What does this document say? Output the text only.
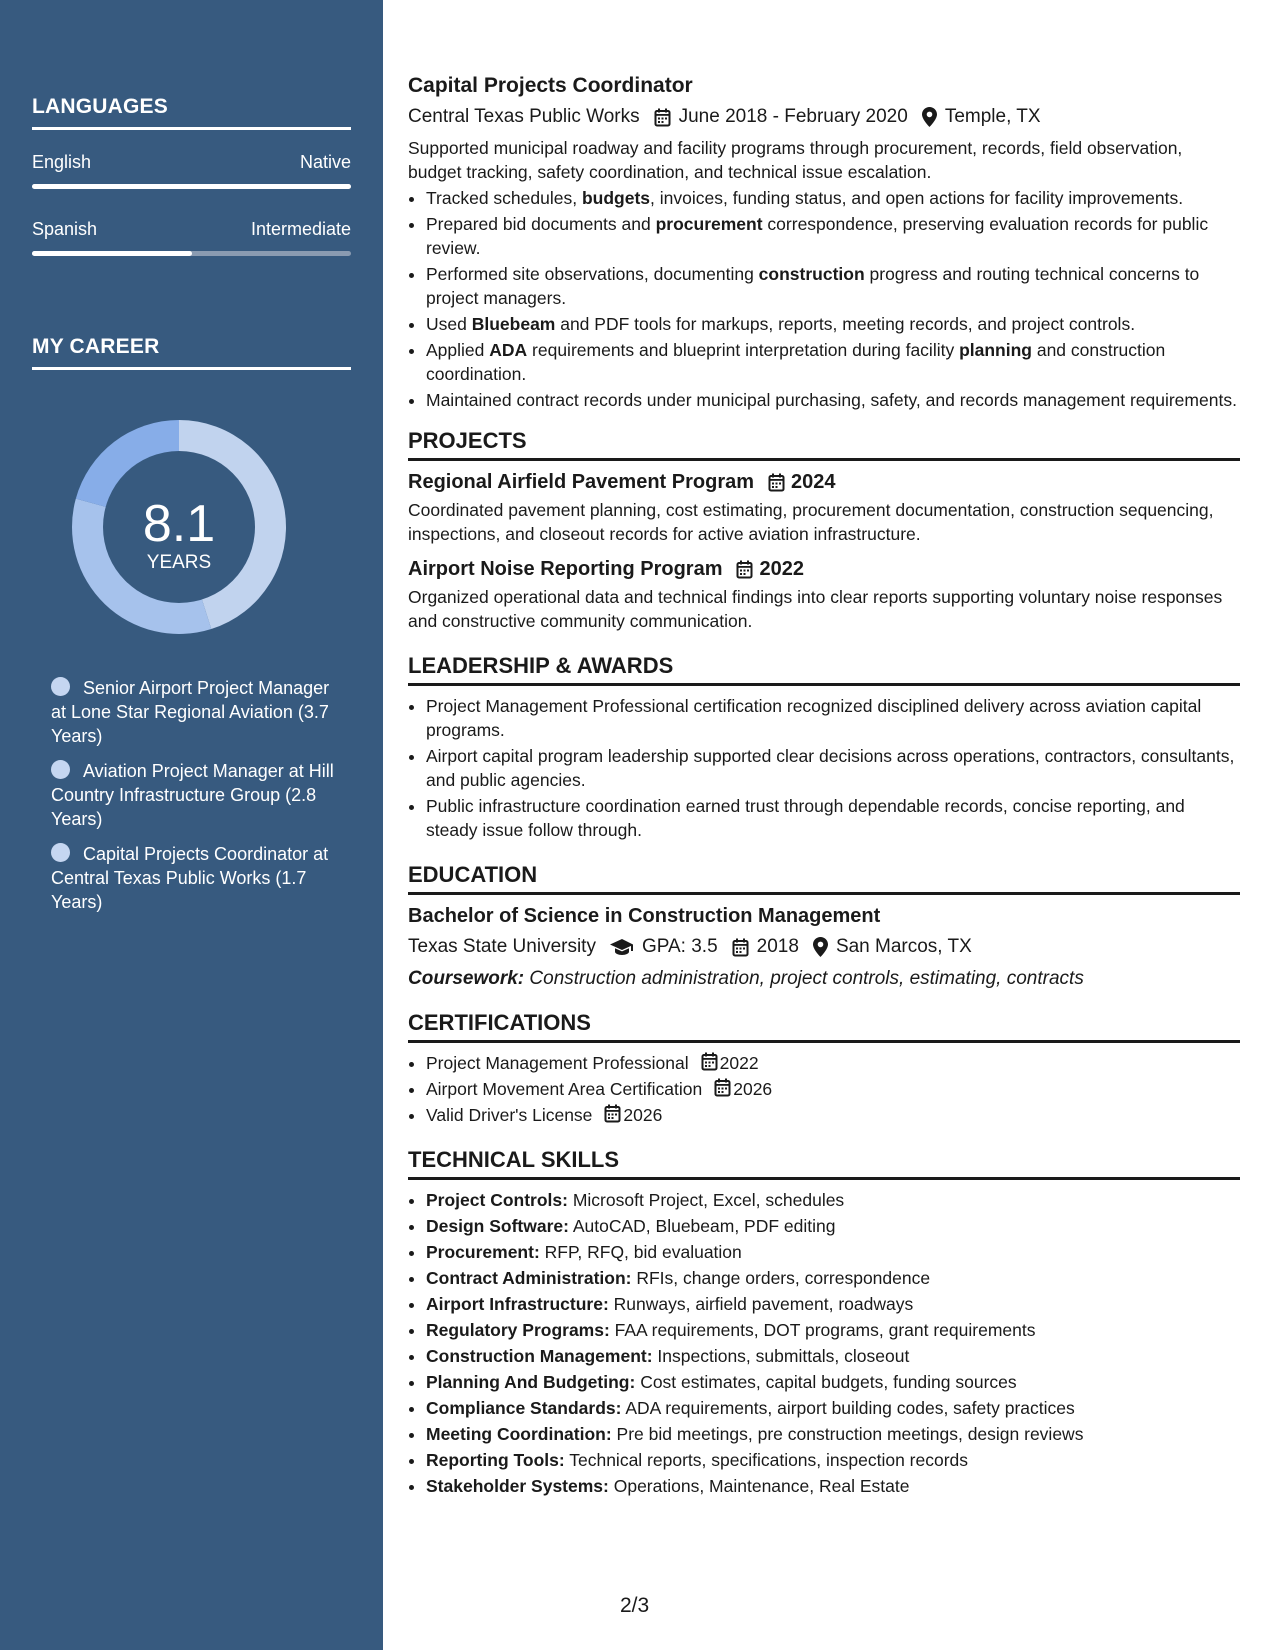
LANGUAGES
English	Native
Spanish	Intermediate
MY CAREER
8.1
YEARS
Senior Airport Project Manager at Lone Star Regional Aviation (3.7 Years)
Aviation Project Manager at Hill Country Infrastructure Group (2.8 Years)
Capital Projects Coordinator at Central Texas Public Works (1.7 Years)
Capital Projects Coordinator
Central Texas Public Works June 2018 - February 2020 Temple, TX

Supported municipal roadway and facility programs through procurement, records, field observation, budget tracking, safety coordination, and technical issue escalation.

• Tracked schedules, budgets, invoices, funding status, and open actions for facility improvements.
• Prepared bid documents and procurement correspondence, preserving evaluation records for public review.
• Performed site observations, documenting construction progress and routing technical concerns to project managers.
• Used Bluebeam and PDF tools for markups, reports, meeting records, and project controls.
• Applied ADA requirements and blueprint interpretation during facility planning and construction coordination.
• Maintained contract records under municipal purchasing, safety, and records management requirements.
PROJECTS
Regional Airfield Pavement Program 2024

Coordinated pavement planning, cost estimating, procurement documentation, construction sequencing, inspections, and closeout records for active aviation infrastructure.

Airport Noise Reporting Program 2022

Organized operational data and technical findings into clear reports supporting voluntary noise responses and constructive community communication.

LEADERSHIP & AWARDS
• Project Management Professional certification recognized disciplined delivery across aviation capital programs.
• Airport capital program leadership supported clear decisions across operations, contractors, consultants, and public agencies.
• Public infrastructure coordination earned trust through dependable records, concise reporting, and steady issue follow through.
EDUCATION
Bachelor of Science in Construction Management
Texas State University GPA: 3.5 2018 San Marcos, TX
Coursework: Construction administration, project controls, estimating, contracts
CERTIFICATIONS
• Project Management Professional 2022
• Airport Movement Area Certification 2026
• Valid Driver's License 2026
TECHNICAL SKILLS
• Project Controls: Microsoft Project, Excel, schedules
• Design Software: AutoCAD, Bluebeam, PDF editing
• Procurement: RFP, RFQ, bid evaluation
• Contract Administration: RFIs, change orders, correspondence
• Airport Infrastructure: Runways, airfield pavement, roadways
• Regulatory Programs: FAA requirements, DOT programs, grant requirements
• Construction Management: Inspections, submittals, closeout
• Planning And Budgeting: Cost estimates, capital budgets, funding sources
• Compliance Standards: ADA requirements, airport building codes, safety practices
• Meeting Coordination: Pre bid meetings, pre construction meetings, design reviews
• Reporting Tools: Technical reports, specifications, inspection records
• Stakeholder Systems: Operations, Maintenance, Real Estate
2/3
